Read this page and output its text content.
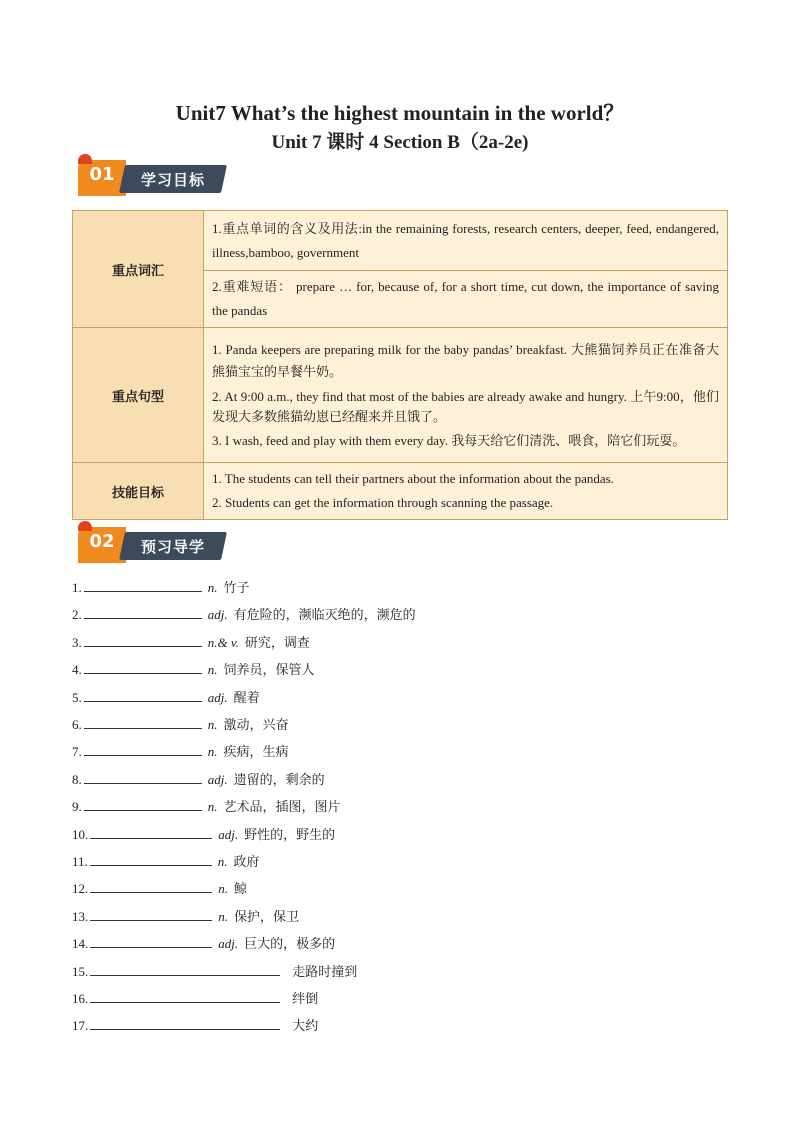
Unit7 What’s the highest mountain in the world？
Unit 7 课时 4 Section B（2a-2e)
01	学习目标
重点词汇	1.重点单词的含义及用法:in the remaining forests, research centers, deeper, feed, endangered, illness,bamboo, government
	2.重难短语： prepare … for, because of, for a short time, cut down, the importance of saving the pandas
重点句型	1. Panda keepers are preparing milk for the baby pandas’ breakfast. 大熊猫饲养员正在准备大熊猫宝宝的早餐牛奶。

2. At 9:00 a.m., they find that most of the babies are already awake and hungry. 上午9:00，他们发现大多数熊猫幼崽已经醒来并且饿了。

3. I wash, feed and play with them every day. 我每天给它们清洗、喂食，陪它们玩耍。

技能目标	1. The students can tell their partners about the information about the pandas.

2. Students can get the information through scanning the passage.

02	预习导学
1.	n. 竹子
2.	adj. 有危险的，濒临灭绝的，濒危的
3.	n.& v. 研究，调查
4.	n. 饲养员，保管人
5.	adj. 醒着
6.	n. 激动，兴奋
7.	n. 疾病，生病
8.	adj. 遗留的，剩余的
9.	n. 艺术品，插图，图片
10.	adj. 野性的，野生的
11.	n. 政府
12.	n. 鲸
13.	n. 保护，保卫
14.	adj. 巨大的，极多的
15.	走路时撞到
16.	绊倒
17.	大约
